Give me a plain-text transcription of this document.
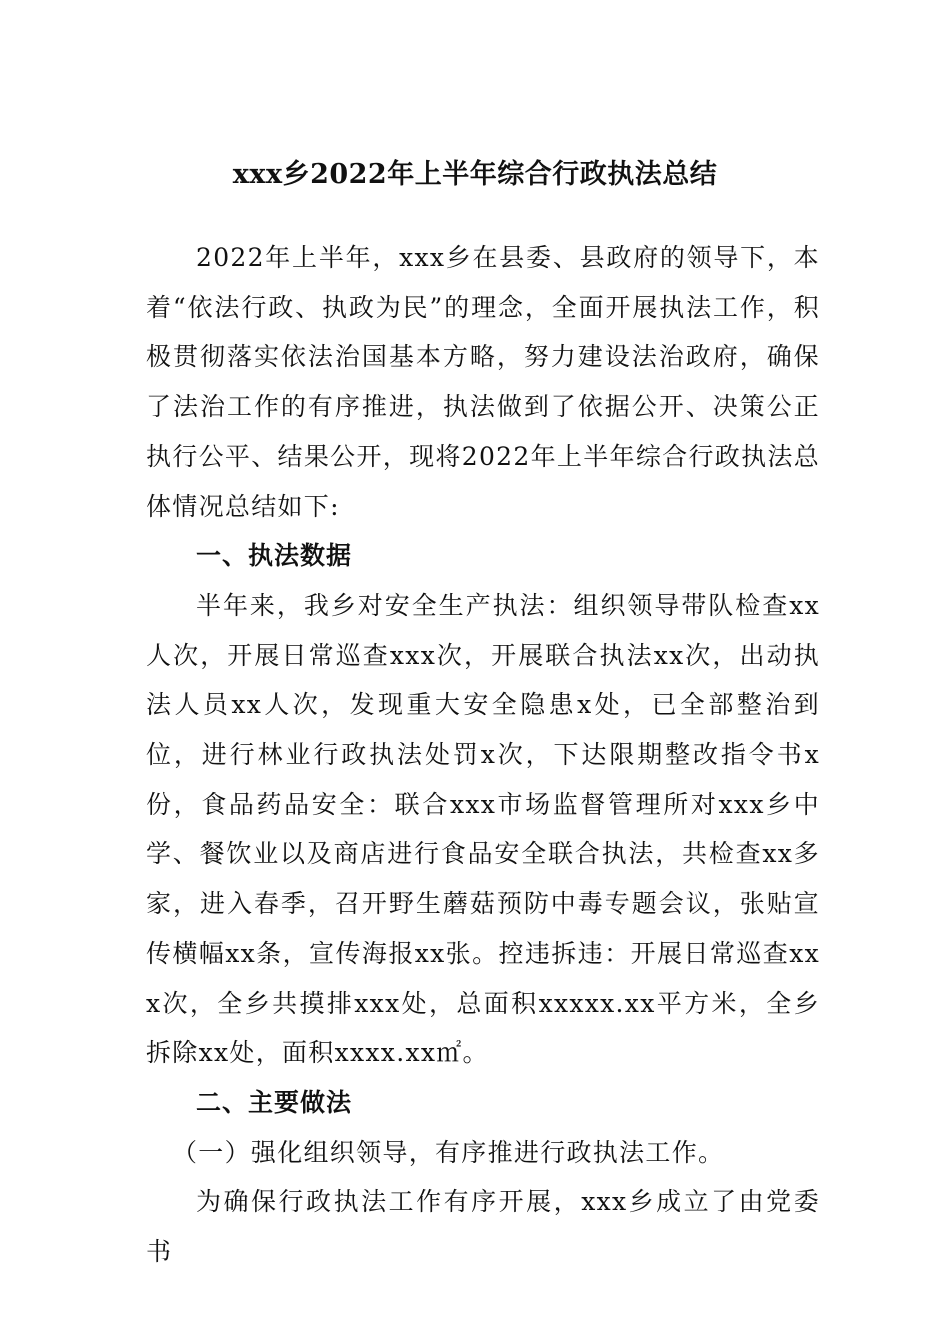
xxx乡2022年上半年综合行政执法总结

2022年上半年，xxx乡在县委、县政府的领导下，本着“依法行政、执政为民”的理念，全面开展执法工作，积极贯彻落实依法治国基本方略，努力建设法治政府，确保了法治工作的有序推进，执法做到了依据公开、决策公正执行公平、结果公开，现将2022年上半年综合行政执法总体情况总结如下:

一、执法数据

半年来，我乡对安全生产执法：组织领导带队检查xx人次，开展日常巡查xxx次，开展联合执法xx次，出动执法人员xx人次，发现重大安全隐患x处，已全部整治到位，进行林业行政执法处罚x次，下达限期整改指令书x份，食品药品安全：联合xxx市场监督管理所对xxx乡中学、餐饮业以及商店进行食品安全联合执法，共检查xx多家，进入春季，召开野生蘑菇预防中毒专题会议，张贴宣传横幅xx条，宣传海报xx张。控违拆违：开展日常巡查xxx次，全乡共摸排xxx处，总面积xxxxx.xx平方米，全乡拆除xx处，面积xxxx.xx㎡。

二、主要做法

（一）强化组织领导，有序推进行政执法工作。

为确保行政执法工作有序开展，xxx乡成立了由党委书
